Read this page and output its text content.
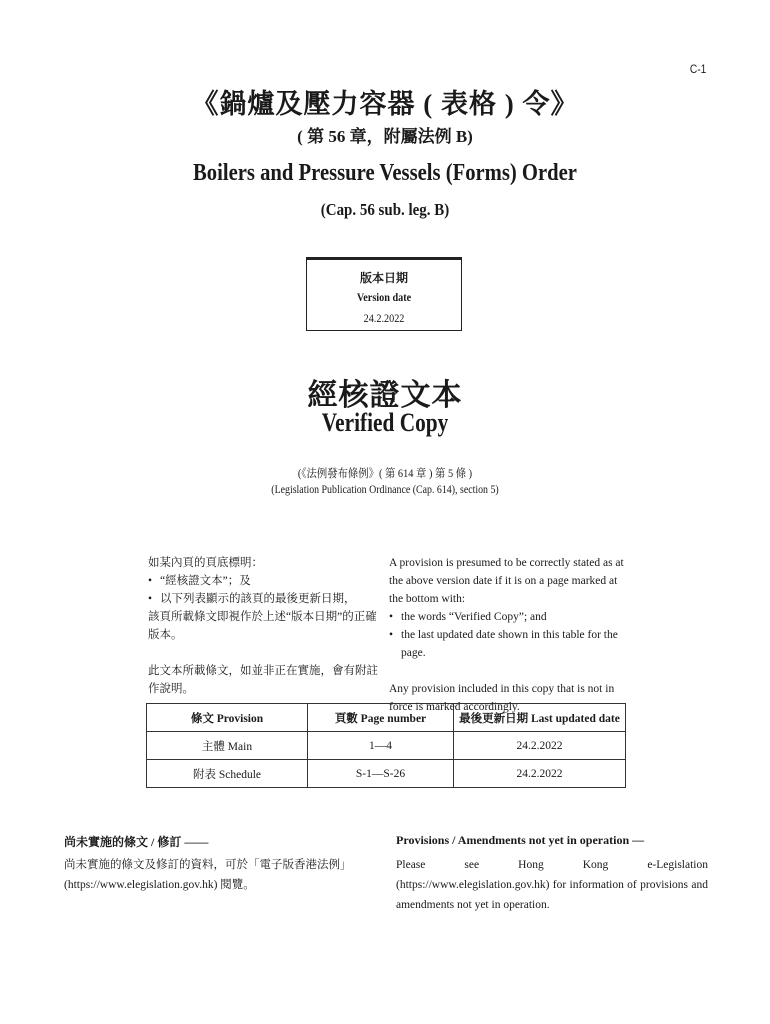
C-1
《鍋爐及壓力容器 ( 表格 ) 令》
( 第 56 章，附屬法例 B)
Boilers and Pressure Vessels (Forms) Order
(Cap. 56 sub. leg. B)
版本日期
Version date
24.2.2022
經核證文本
Verified Copy
(《法例發布條例》( 第 614 章 ) 第 5 條 )
(Legislation Publication Ordinance (Cap. 614), section 5)

如某內頁的頁底標明：

• “經核證文本”；及
• 以下列表顯示的該頁的最後更新日期，

該頁所載條文即視作於上述“版本日期”的正確版本。

此文本所載條文，如並非正在實施，會有附註作說明。

A provision is presumed to be correctly stated as at the above version date if it is on a page marked at the bottom with:

• the words “Verified Copy”; and
• the last updated date shown in this table for the page.

Any provision included in this copy that is not in force is marked accordingly.

條文 Provision	頁數 Page number	最後更新日期 Last updated date
主體 Main	1—4	24.2.2022
附表 Schedule	S-1—S-26	24.2.2022
尚未實施的條文 / 修訂 ——
尚未實施的條文及修訂的資料，可於「電子版香港法例」(https://www.elegislation.gov.hk) 閱覽。
Provisions / Amendments not yet in operation —
Please see Hong Kong e-Legislation (https://www.elegislation.gov.hk) for information of provisions and amendments not yet in operation.
